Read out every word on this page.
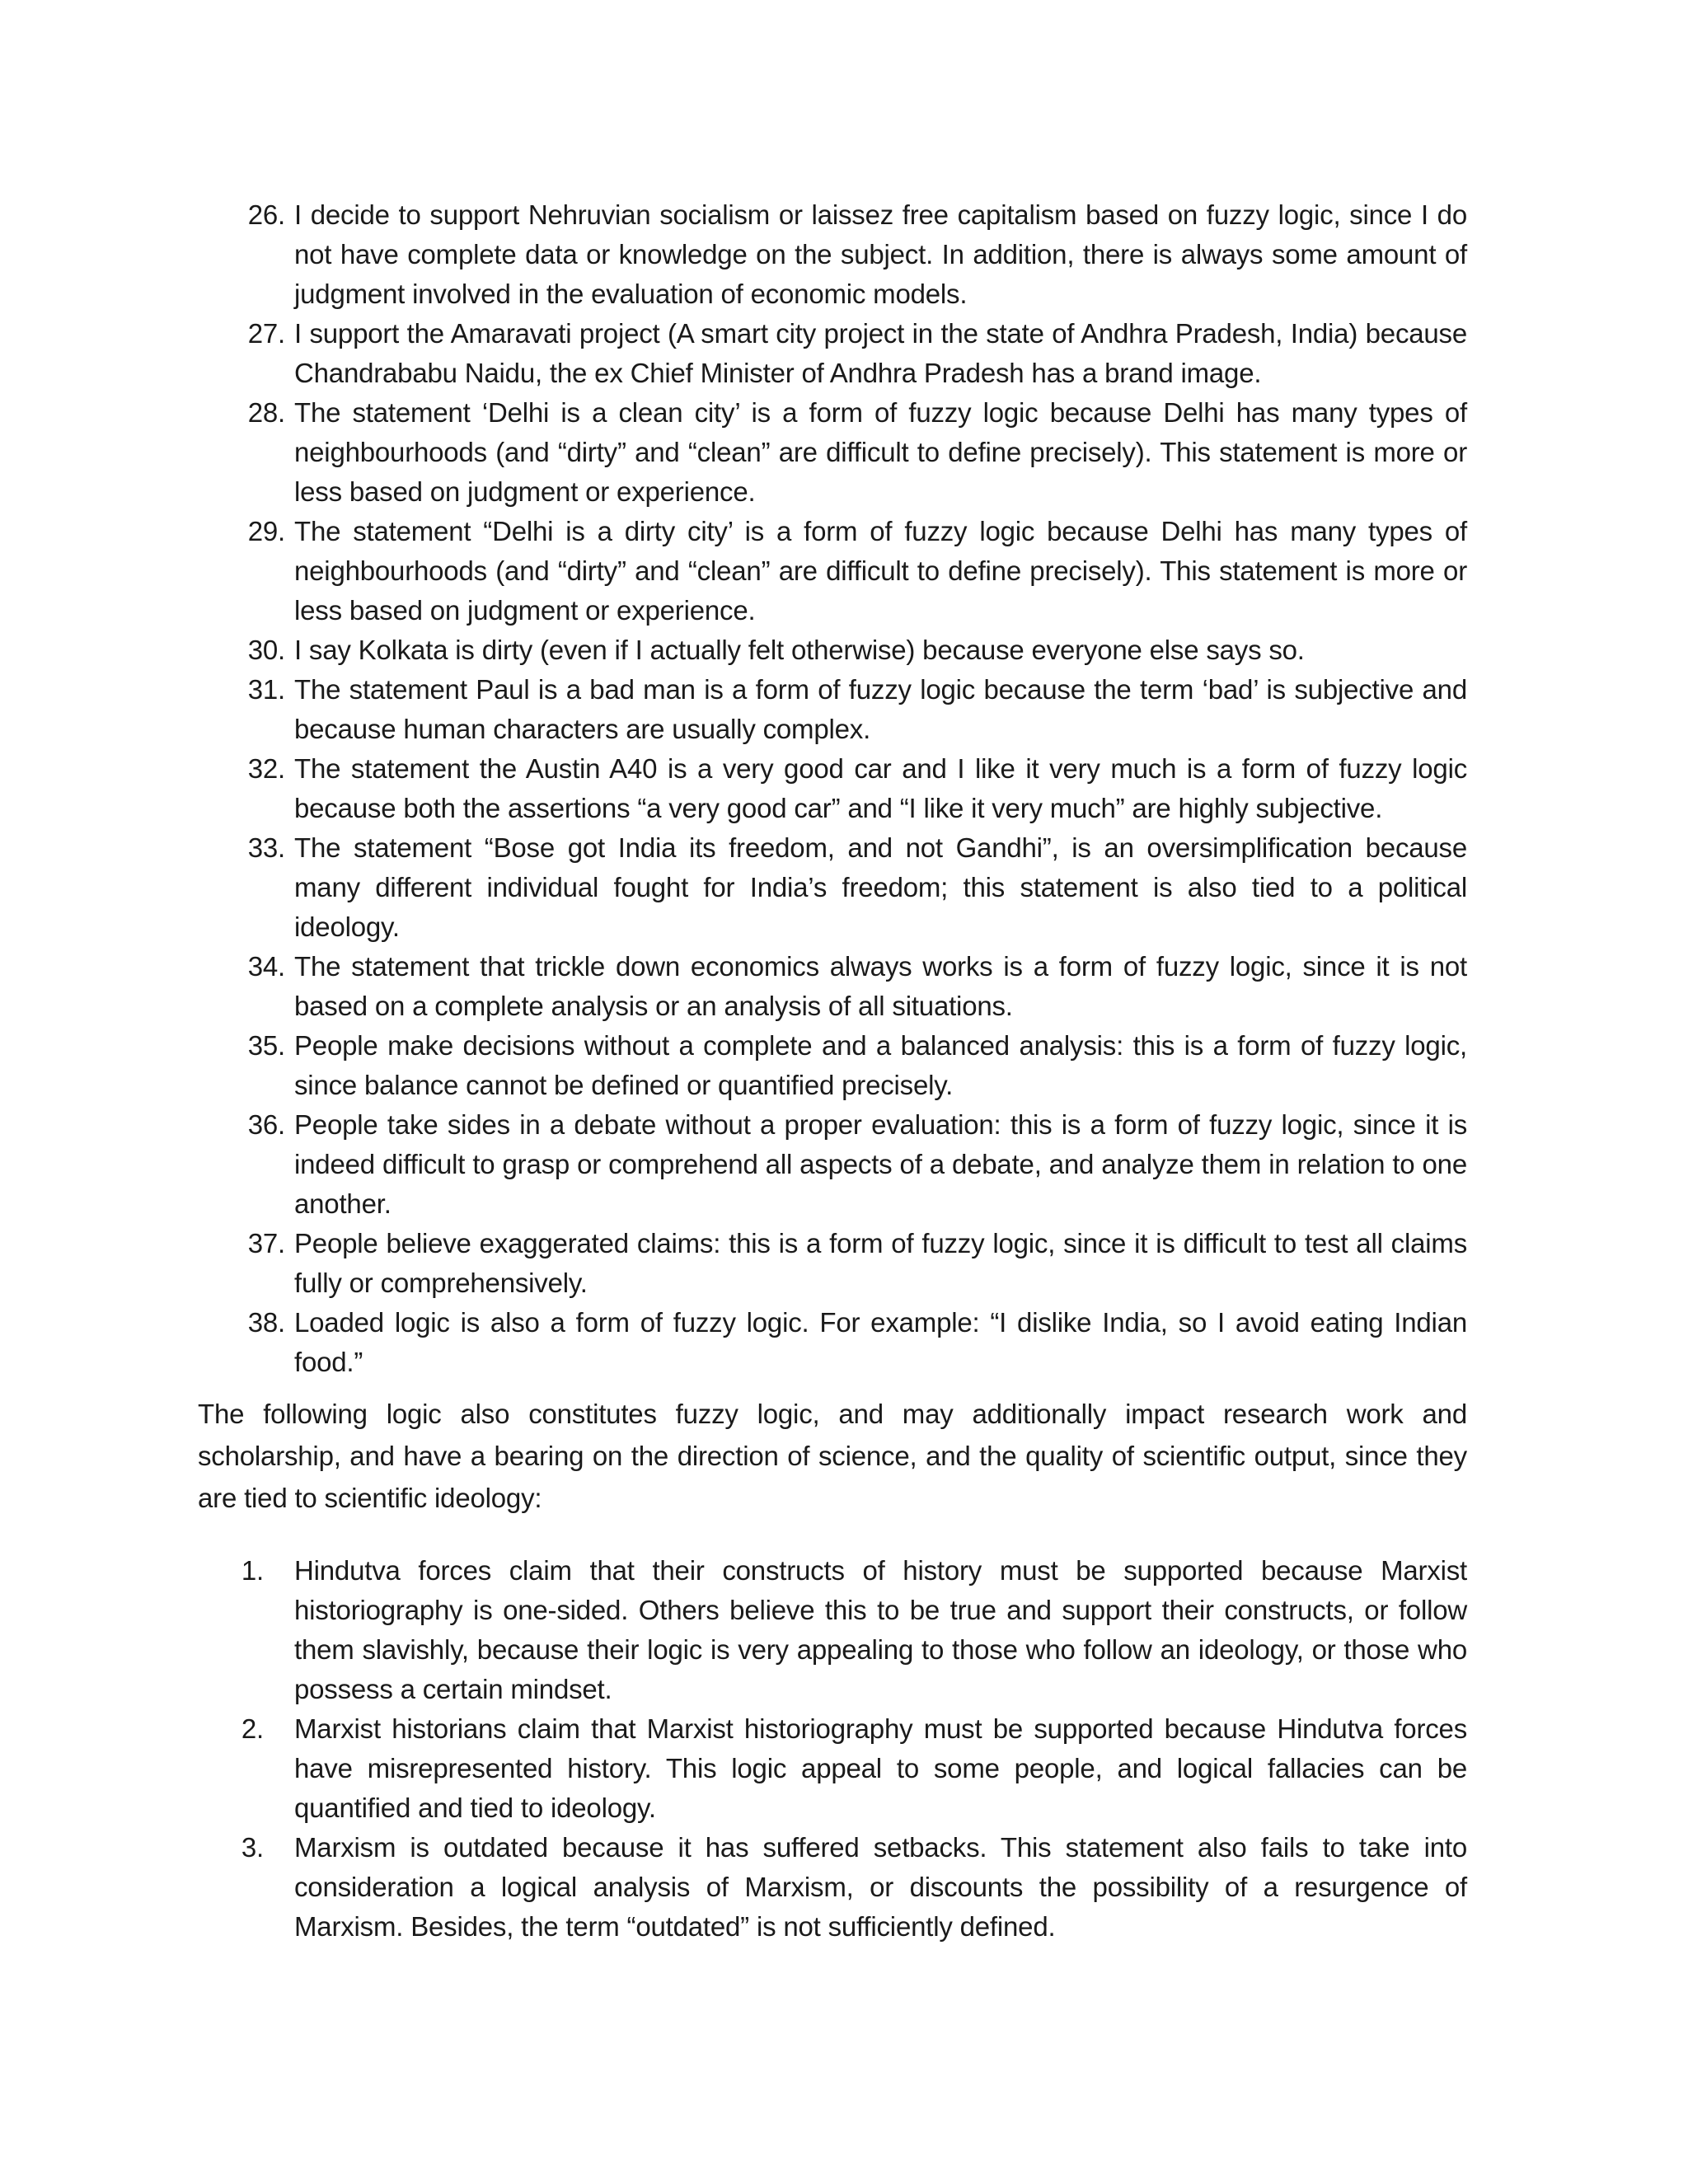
26. I decide to support Nehruvian socialism or laissez free capitalism based on fuzzy logic, since I do not have complete data or knowledge on the subject. In addition, there is always some amount of judgment involved in the evaluation of economic models.
27. I support the Amaravati project (A smart city project in the state of Andhra Pradesh, India) because Chandrababu Naidu, the ex Chief Minister of Andhra Pradesh has a brand image.
28. The statement ‘Delhi is a clean city’ is a form of fuzzy logic because Delhi has many types of neighbourhoods (and “dirty” and “clean” are difficult to define precisely). This statement is more or less based on judgment or experience.
29. The statement “Delhi is a dirty city’ is a form of fuzzy logic because Delhi has many types of neighbourhoods (and “dirty” and “clean” are difficult to define precisely). This statement is more or less based on judgment or experience.
30. I say Kolkata is dirty (even if I actually felt otherwise) because everyone else says so.
31. The statement Paul is a bad man is a form of fuzzy logic because the term ‘bad’ is subjective and because human characters are usually complex.
32. The statement the Austin A40 is a very good car and I like it very much is a form of fuzzy logic because both the assertions “a very good car” and “I like it very much” are highly subjective.
33. The statement “Bose got India its freedom, and not Gandhi”, is an oversimplification because many different individual fought for India’s freedom; this statement is also tied to a political ideology.
34. The statement that trickle down economics always works is a form of fuzzy logic, since it is not based on a complete analysis or an analysis of all situations.
35. People make decisions without a complete and a balanced analysis: this is a form of fuzzy logic, since balance cannot be defined or quantified precisely.
36. People take sides in a debate without a proper evaluation: this is a form of fuzzy logic, since it is indeed difficult to grasp or comprehend all aspects of a debate, and analyze them in relation to one another.
37. People believe exaggerated claims: this is a form of fuzzy logic, since it is difficult to test all claims fully or comprehensively.
38. Loaded logic is also a form of fuzzy logic. For example: “I dislike India, so I avoid eating Indian food.”

The following logic also constitutes fuzzy logic, and may additionally impact research work and scholarship, and have a bearing on the direction of science, and the quality of scientific output, since they are tied to scientific ideology:

1. Hindutva forces claim that their constructs of history must be supported because Marxist historiography is one-sided. Others believe this to be true and support their constructs, or follow them slavishly, because their logic is very appealing to those who follow an ideology, or those who possess a certain mindset.
2. Marxist historians claim that Marxist historiography must be supported because Hindutva forces have misrepresented history. This logic appeal to some people, and logical fallacies can be quantified and tied to ideology.
3. Marxism is outdated because it has suffered setbacks. This statement also fails to take into consideration a logical analysis of Marxism, or discounts the possibility of a resurgence of Marxism. Besides, the term “outdated” is not sufficiently defined.
